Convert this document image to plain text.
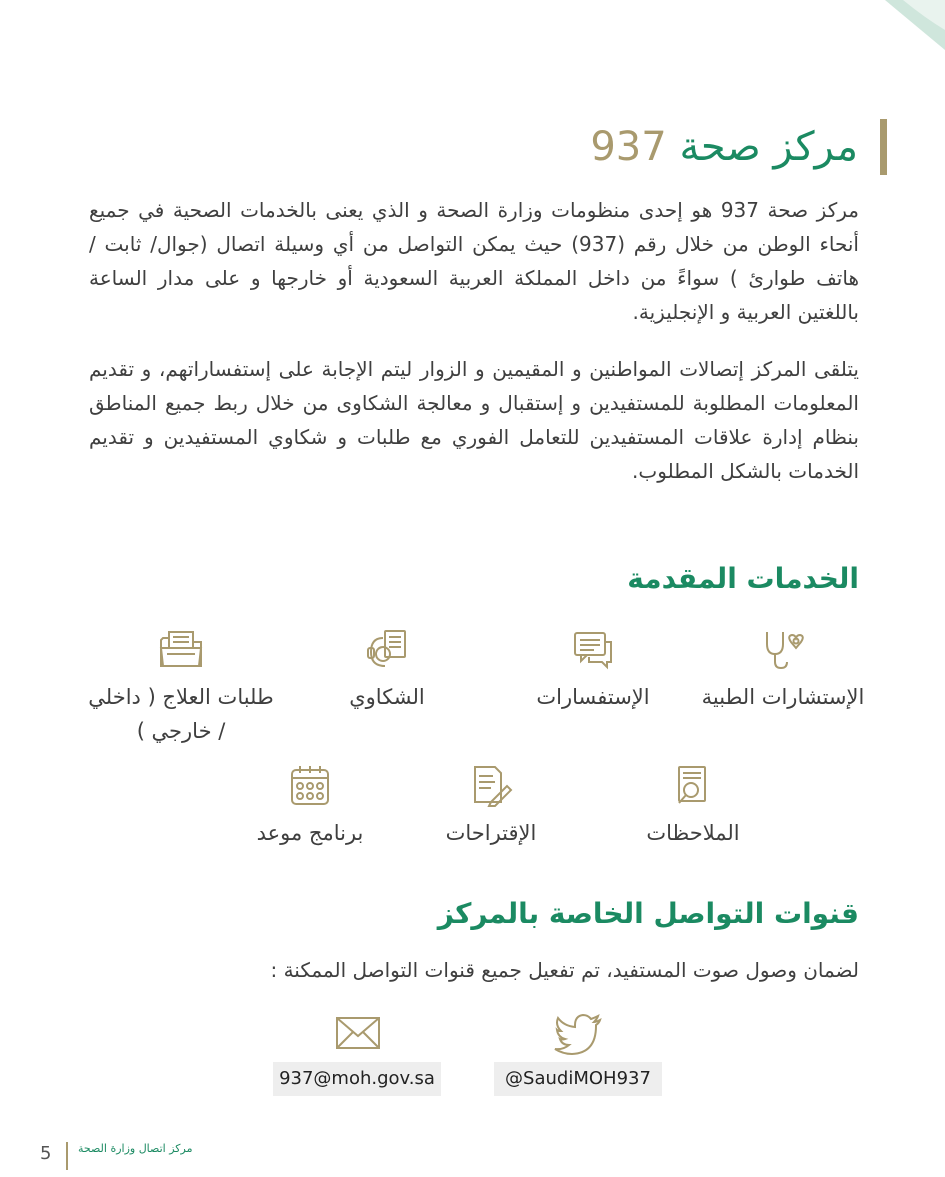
مركز صحة 937
مركز صحة 937 هو إحدى منظومات وزارة الصحة و الذي يعنى بالخدمات الصحية في جميع أنحاء الوطن من خلال رقم (937) حيث يمكن التواصل من أي وسيلة اتصال (جوال/ ثابت / هاتف طوارئ ) سواءً من داخل المملكة العربية السعودية أو خارجها و على مدار الساعة باللغتين العربية و الإنجليزية.
يتلقى المركز إتصالات المواطنين و المقيمين و الزوار ليتم الإجابة على إستفساراتهم، و تقديم المعلومات المطلوبة للمستفيدين و إستقبال و معالجة الشكاوى من خلال ربط جميع المناطق بنظام إدارة علاقات المستفيدين للتعامل الفوري مع طلبات و شكاوي المستفيدين و تقديم الخدمات بالشكل المطلوب.
الخدمات المقدمة
الإستشارات الطبية
الإستفسارات
الشكاوي
طلبات العلاج ( داخلي / خارجي )
الملاحظات
الإقتراحات
برنامج موعد
قنوات التواصل الخاصة بالمركز
لضمان وصول صوت المستفيد، تم تفعيل جميع قنوات التواصل الممكنة :
@SaudiMOH937
937@moh.gov.sa
5 مركز اتصال وزارة الصحة
